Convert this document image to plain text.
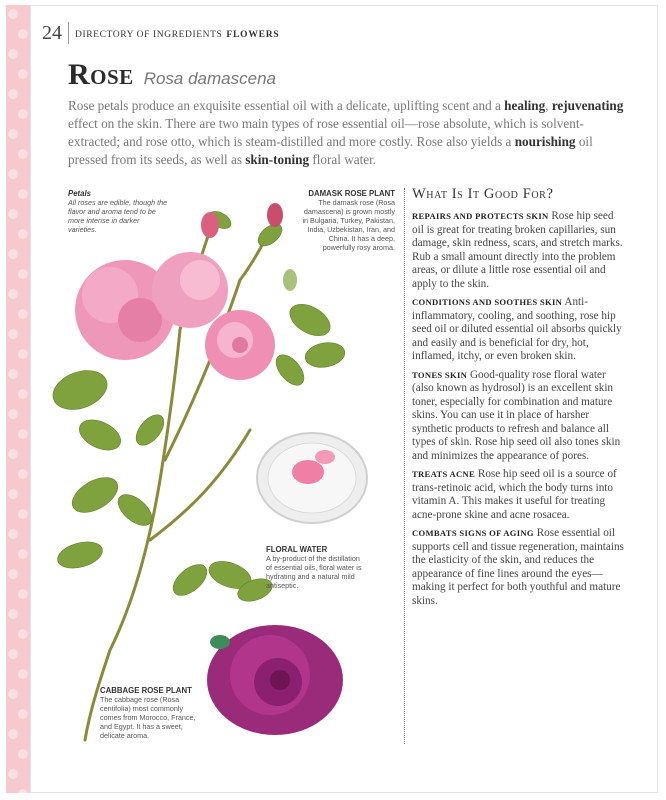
24	DIRECTORY OF INGREDIENTS FLOWERS
Rose Rosa damascena
Rose petals produce an exquisite essential oil with a delicate, uplifting scent and a healing, rejuvenating effect on the skin. There are two main types of rose essential oil—rose absolute, which is solvent-extracted; and rose otto, which is steam-distilled and more costly. Rose also yields a nourishing oil pressed from its seeds, as well as skin-toning floral water.
Petals
All roses are edible, though the flavor and aroma tend to be more intense in darker varieties.
DAMASK ROSE PLANT
The damask rose (Rosa damascena) is grown mostly in Bulgaria, Turkey, Pakistan, India, Uzbekistan, Iran, and China. It has a deep, powerfully rosy aroma.
FLORAL WATER
A by-product of the distillation of essential oils, floral water is hydrating and a natural mild antiseptic.
CABBAGE ROSE PLANT
The cabbage rose (Rosa centifolia) most commonly comes from Morocco, France, and Egypt. It has a sweet, delicate aroma.
What Is It Good For?
REPAIRS AND PROTECTS SKIN Rose hip seed oil is great for treating broken capillaries, sun damage, skin redness, scars, and stretch marks. Rub a small amount directly into the problem areas, or dilute a little rose essential oil and apply to the skin.
CONDITIONS AND SOOTHES SKIN Anti-inflammatory, cooling, and soothing, rose hip seed oil or diluted essential oil absorbs quickly and easily and is beneficial for dry, hot, inflamed, itchy, or even broken skin.
TONES SKIN Good-quality rose floral water (also known as hydrosol) is an excellent skin toner, especially for combination and mature skins. You can use it in place of harsher synthetic products to refresh and balance all types of skin. Rose hip seed oil also tones skin and minimizes the appearance of pores.
TREATS ACNE Rose hip seed oil is a source of trans-retinoic acid, which the body turns into vitamin A. This makes it useful for treating acne-prone skine and acne rosacea.
COMBATS SIGNS OF AGING Rose essential oil supports cell and tissue regeneration, maintains the elasticity of the skin, and reduces the appearance of fine lines around the eyes—making it perfect for both youthful and mature skins.
